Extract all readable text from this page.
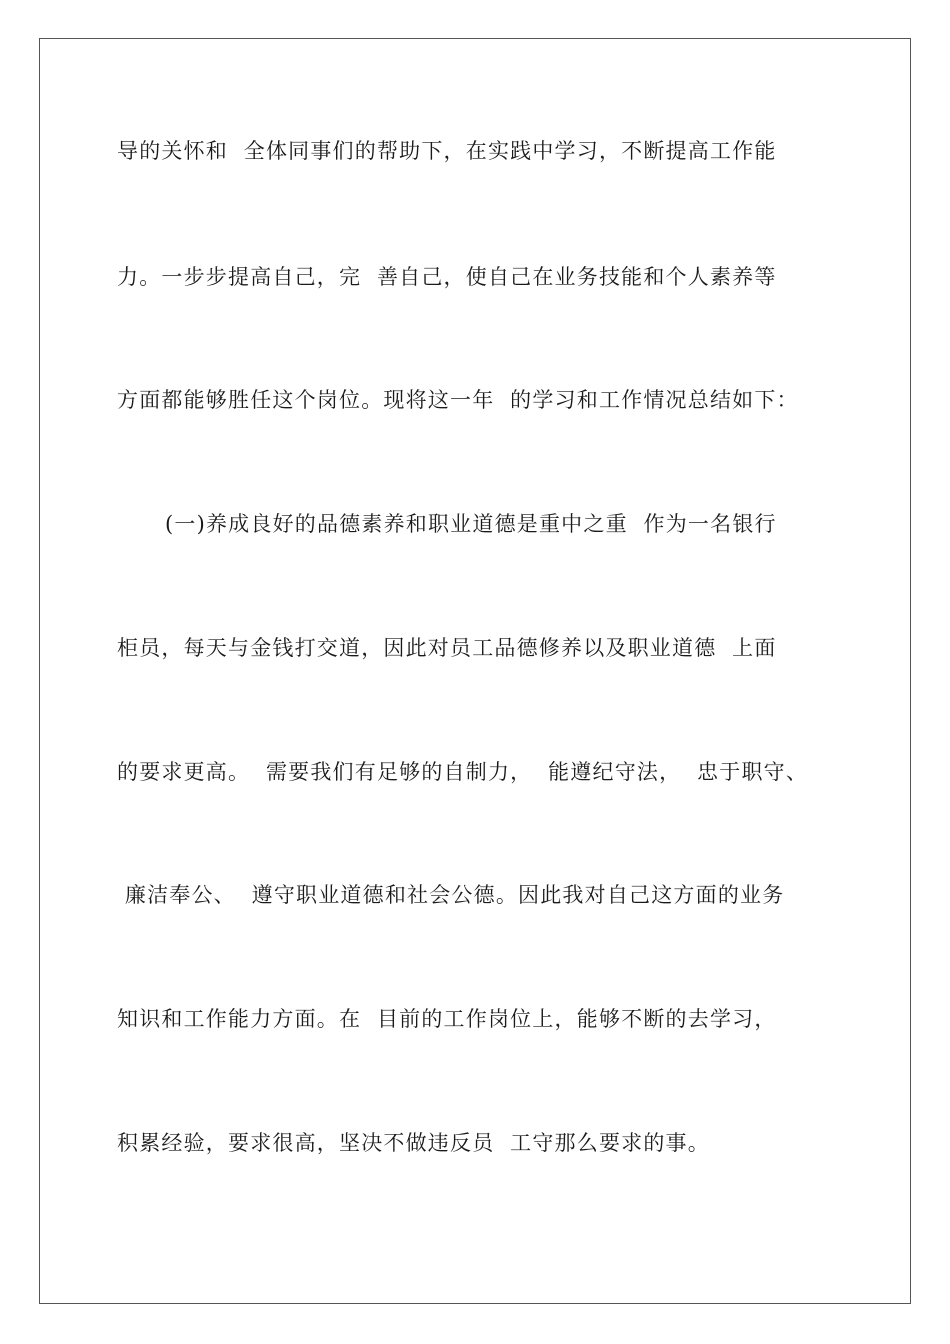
导的关怀和  全体同事们的帮助下，在实践中学习，不断提高工作能
力。一步步提高自己，完  善自己，使自己在业务技能和个人素养等
方面都能够胜任这个岗位。现将这一年  的学习和工作情况总结如下：
(一)养成良好的品德素养和职业道德是重中之重  作为一名银行
柜员，每天与金钱打交道，因此对员工品德修养以及职业道德  上面
的要求更高。  需要我们有足够的自制力，  能遵纪守法，  忠于职守、
廉洁奉公、  遵守职业道德和社会公德。因此我对自己这方面的业务
知识和工作能力方面。在  目前的工作岗位上，能够不断的去学习，
积累经验，要求很高，坚决不做违反员  工守那么要求的事。
